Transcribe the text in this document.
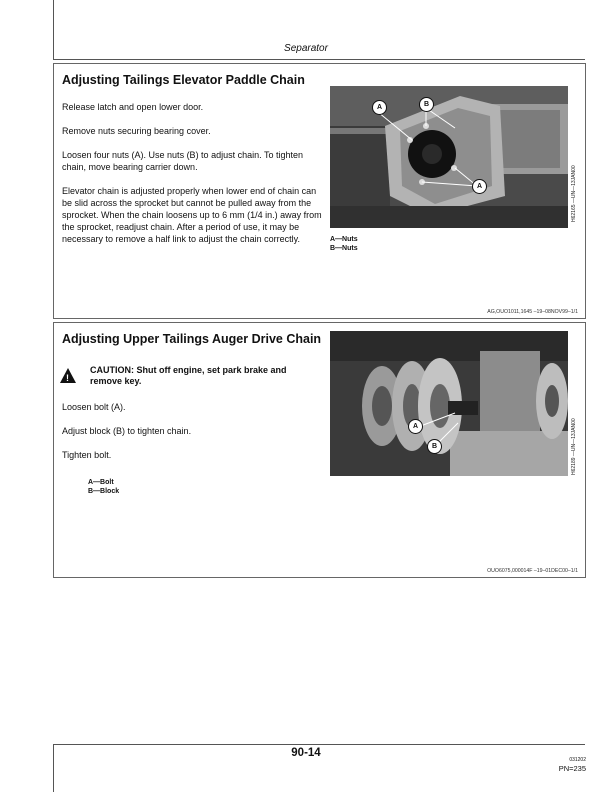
Separator
Adjusting Tailings Elevator Paddle Chain
Release latch and open lower door.
Remove nuts securing bearing cover.
Loosen four nuts (A). Use nuts (B) to adjust chain. To tighten chain, move bearing carrier down.
Elevator chain is adjusted properly when lower end of chain can be slid across the sprocket but cannot be pulled away from the sprocket. When the chain loosens up to 6 mm (1/4 in.) away from the sprocket, readjust chain. After a period of use, it may be necessary to remove a half link to adjust the chain correctly.
A	B
A	H62165 —UN—13JAN00
A—Nuts
B—Nuts
AG,OUO1011,1645 –19–08NOV99–1/1
Adjusting Upper Tailings Auger Drive Chain
!
CAUTION: Shut off engine, set park brake and remove key.
Loosen bolt (A).
Adjust block (B) to tighten chain.
Tighten bolt.
A—Bolt
B—Block
A
B	H62189 —UN—13JAN00
OUO6075,000014F –19–01DEC00–1/1
90-14
031202
PN=235
